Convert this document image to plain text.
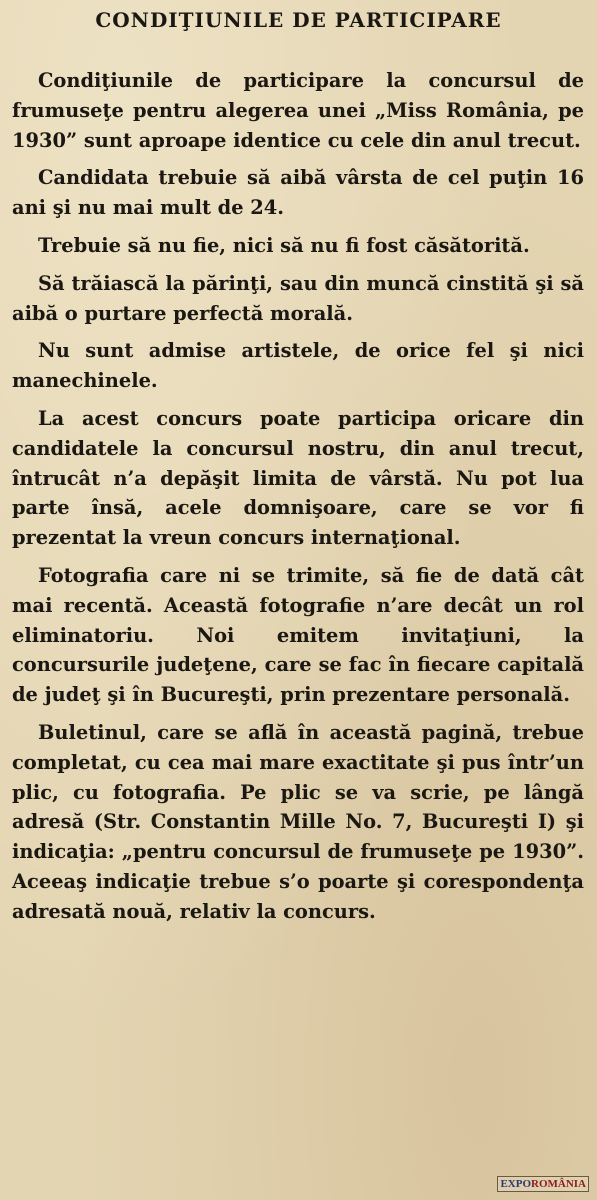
CONDIŢIUNILE DE PARTICIPARE

Condiţiunile de participare la concursul de frumuseţe pentru alegerea unei „Miss România, pe 1930” sunt aproape identice cu cele din anul trecut.

Candidata trebuie să aibă vârsta de cel puţin 16 ani şi nu mai mult de 24.

Trebuie să nu fie, nici să nu fi fost căsătorită.

Să trăiască la părinţi, sau din muncă cinstită şi să aibă o purtare perfectă morală.

Nu sunt admise artistele, de orice fel şi nici manechinele.

La acest concurs poate participa oricare din candidatele la concursul nostru, din anul trecut, întrucât n’a depăşit limita de vârstă. Nu pot lua parte însă, acele domnişoare, care se vor fi prezentat la vreun concurs internaţional.

Fotografia care ni se trimite, să fie de dată cât mai recentă. Această fotografie n’are decât un rol eliminatoriu. Noi emitem invitaţiuni, la concursurile judeţene, care se fac în fiecare capitală de judeţ şi în Bucureşti, prin prezentare personală.

Buletinul, care se află în această pagină, trebue completat, cu cea mai mare exactitate şi pus într’un plic, cu fotografia. Pe plic se va scrie, pe lângă adresă (Str. Constantin Mille No. 7, Bucureşti I) şi indicaţia: „pentru concursul de frumuseţe pe 1930”. Aceeaş indicaţie trebue s’o poarte şi corespondenţa adresată nouă, relativ la concurs.

EXPO ROMÂNIA
